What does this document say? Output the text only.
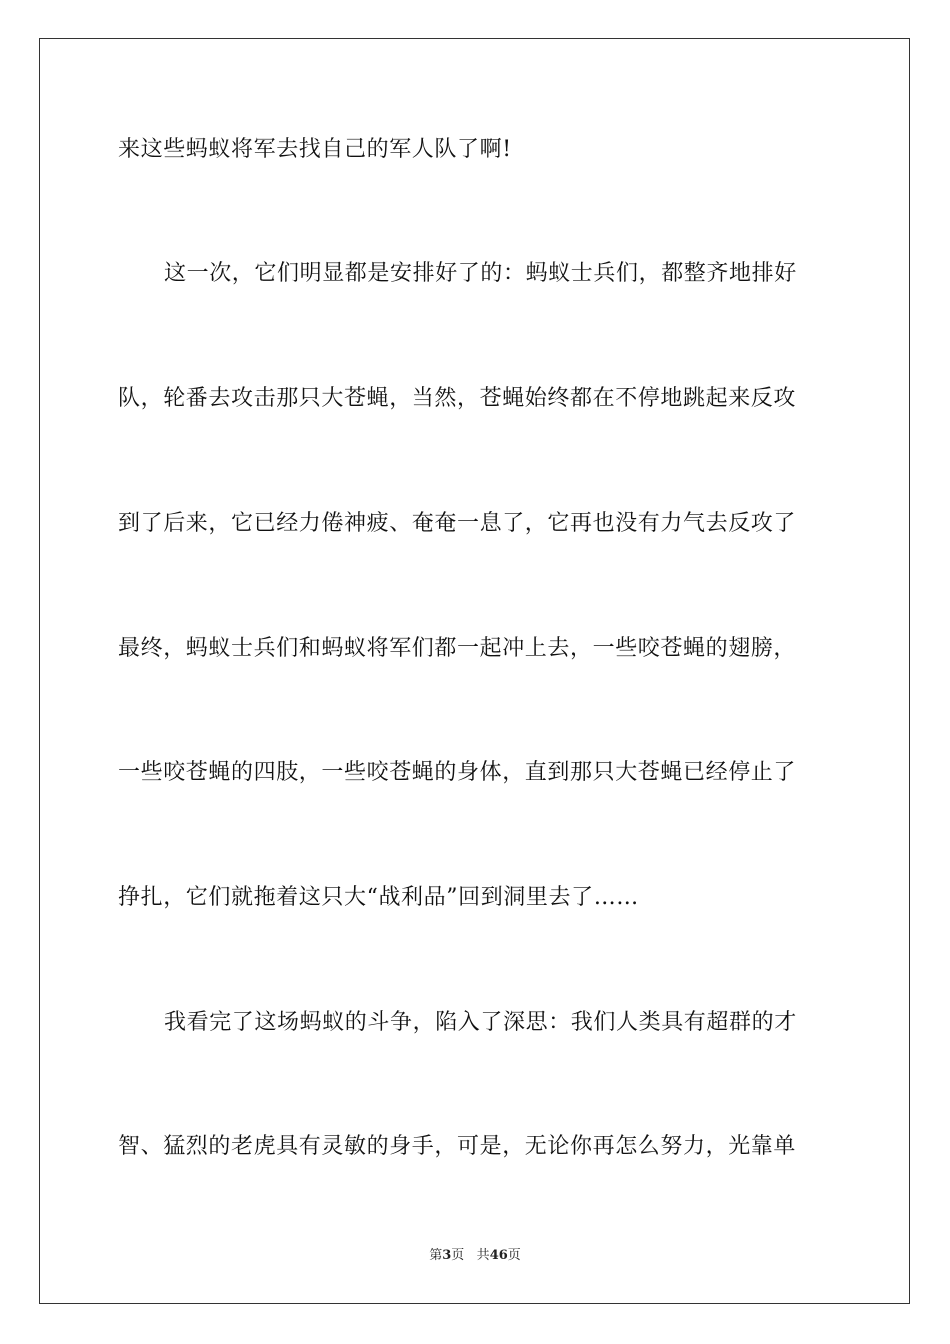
来这些蚂蚁将军去找自己的军人队了啊!
这一次，它们明显都是安排好了的：蚂蚁士兵们，都整齐地排好
队，轮番去攻击那只大苍蝇，当然，苍蝇始终都在不停地跳起来反攻
到了后来，它已经力倦神疲、奄奄一息了，它再也没有力气去反攻了
最终，蚂蚁士兵们和蚂蚁将军们都一起冲上去，一些咬苍蝇的翅膀，
一些咬苍蝇的四肢，一些咬苍蝇的身体，直到那只大苍蝇已经停止了
挣扎，它们就拖着这只大“战利品”回到洞里去了……
我看完了这场蚂蚁的斗争，陷入了深思：我们人类具有超群的才
智、猛烈的老虎具有灵敏的身手，可是，无论你再怎么努力，光靠单
第3页 共46页
